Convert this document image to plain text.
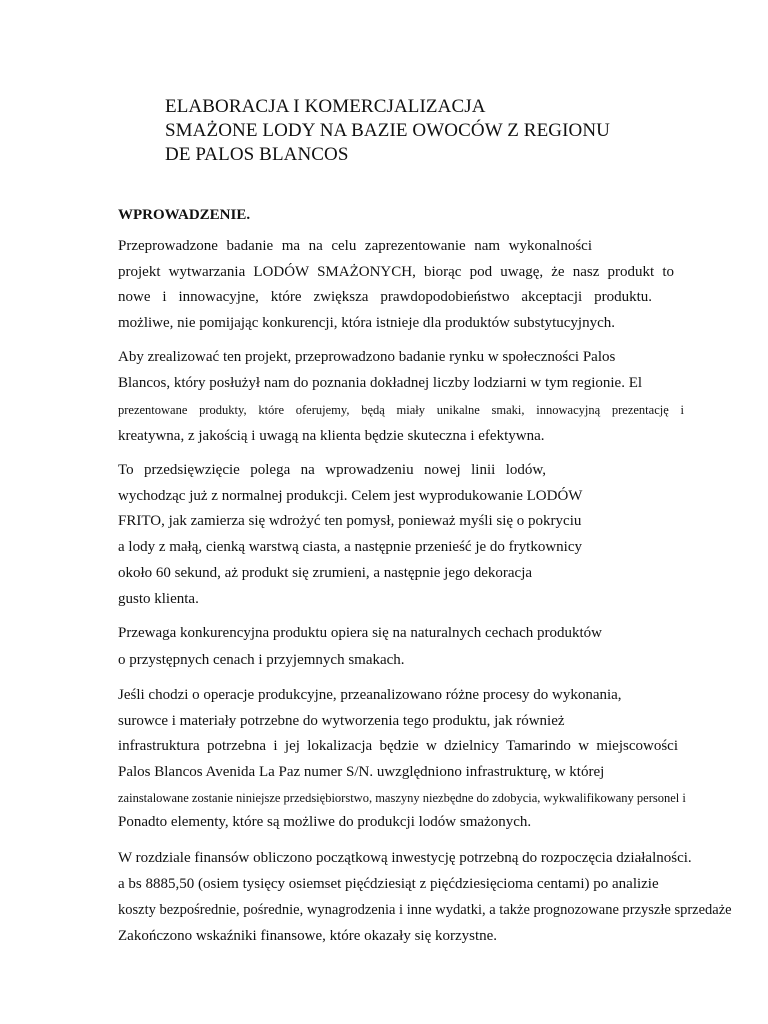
ELABORACJA I KOMERCJALIZACJA
SMAŻONE LODY NA BAZIE OWOCÓW Z REGIONU
DE PALOS BLANCOS
WPROWADZENIE.
Przeprowadzone badanie ma na celu zaprezentowanie nam wykonalności
projekt wytwarzania LODÓW SMAŻONYCH, biorąc pod uwagę, że nasz produkt to
nowe i innowacyjne, które zwiększa prawdopodobieństwo akceptacji produktu.
możliwe, nie pomijając konkurencji, która istnieje dla produktów substytucyjnych.
Aby zrealizować ten projekt, przeprowadzono badanie rynku w społeczności Palos
Blancos, który posłużył nam do poznania dokładnej liczby lodziarni w tym regionie. El
prezentowane produkty, które oferujemy, będą miały unikalne smaki, innowacyjną prezentację i
kreatywna, z jakością i uwagą na klienta będzie skuteczna i efektywna.
To przedsięwzięcie polega na wprowadzeniu nowej linii lodów,
wychodząc już z normalnej produkcji. Celem jest wyprodukowanie LODÓW
FRITO, jak zamierza się wdrożyć ten pomysł, ponieważ myśli się o pokryciu
a lody z małą, cienką warstwą ciasta, a następnie przenieść je do frytkownicy
około 60 sekund, aż produkt się zrumieni, a następnie jego dekoracja
gusto klienta.
Przewaga konkurencyjna produktu opiera się na naturalnych cechach produktów
o przystępnych cenach i przyjemnych smakach.
Jeśli chodzi o operacje produkcyjne, przeanalizowano różne procesy do wykonania,
surowce i materiały potrzebne do wytworzenia tego produktu, jak również
infrastruktura potrzebna i jej lokalizacja będzie w dzielnicy Tamarindo w miejscowości
Palos Blancos Avenida La Paz numer S/N. uwzględniono infrastrukturę, w której
zainstalowane zostanie niniejsze przedsiębiorstwo, maszyny niezbędne do zdobycia, wykwalifikowany personel i
Ponadto elementy, które są możliwe do produkcji lodów smażonych.
W rozdziale finansów obliczono początkową inwestycję potrzebną do rozpoczęcia działalności.
a bs 8885,50 (osiem tysięcy osiemset pięćdziesiąt z pięćdziesięcioma centami) po analizie
koszty bezpośrednie, pośrednie, wynagrodzenia i inne wydatki, a także prognozowane przyszłe sprzedaże
Zakończono wskaźniki finansowe, które okazały się korzystne.
